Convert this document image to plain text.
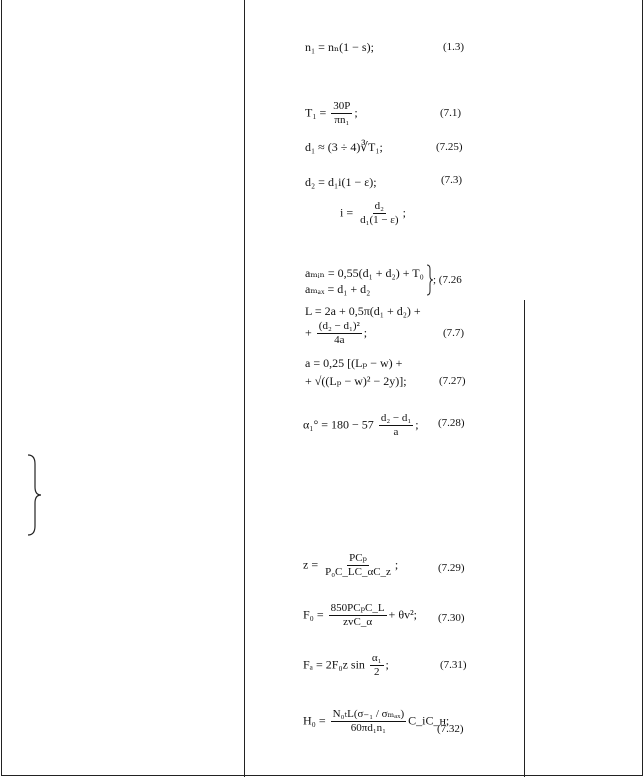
n₁ = nₙ(1 − s);	(1.3)
$T_1 = \frac{30P}{\text{πn₁}}$ ;	(7.1)
d₁ ≈ (3 ÷ 4)∛T₁;	(7.25)
d₂ = d₁i(1 − ε);	(7.3)
$i = \frac{\text{d₂}}{\text{d₁(1 − ε)}}$ ;
aₘᵢₙ = 0,55(d₁ + d₂) + T₀
aₘₐₓ = d₁ + d₂
; (7.26
L = 2a + 0,5π(d₁ + d₂) +
+ $\frac{\text{(d₂ − d₁)²}}{4a}$ ;	(7.7)
a = 0,25 [(Lₚ − w) +
+ √((Lₚ − w)² − 2y)];	(7.27)
$\alpha_1^\circ = 180 - 57 \frac{\text{d₂ − d₁}}{a}$ ; (7.28)
$z = \frac{\text{PCₚ}}{\text{P₀C\_LC\_αC\_z}}$ ;	(7.29)
$F_0 = \frac{\text{850PCₚC\_L}}{\text{zvC\_α}} + \theta v^2$; (7.30)
Fₐ = 2F₀z $\sin \frac{\text{α₁}}{2}$ ;	(7.31)
$H_0 = \frac{\text{N₀ₜL(σ₋₁ / σₘₐₓ)}}{\text{60πd₁n₁}}$ C_iC_н;
(7.32)
